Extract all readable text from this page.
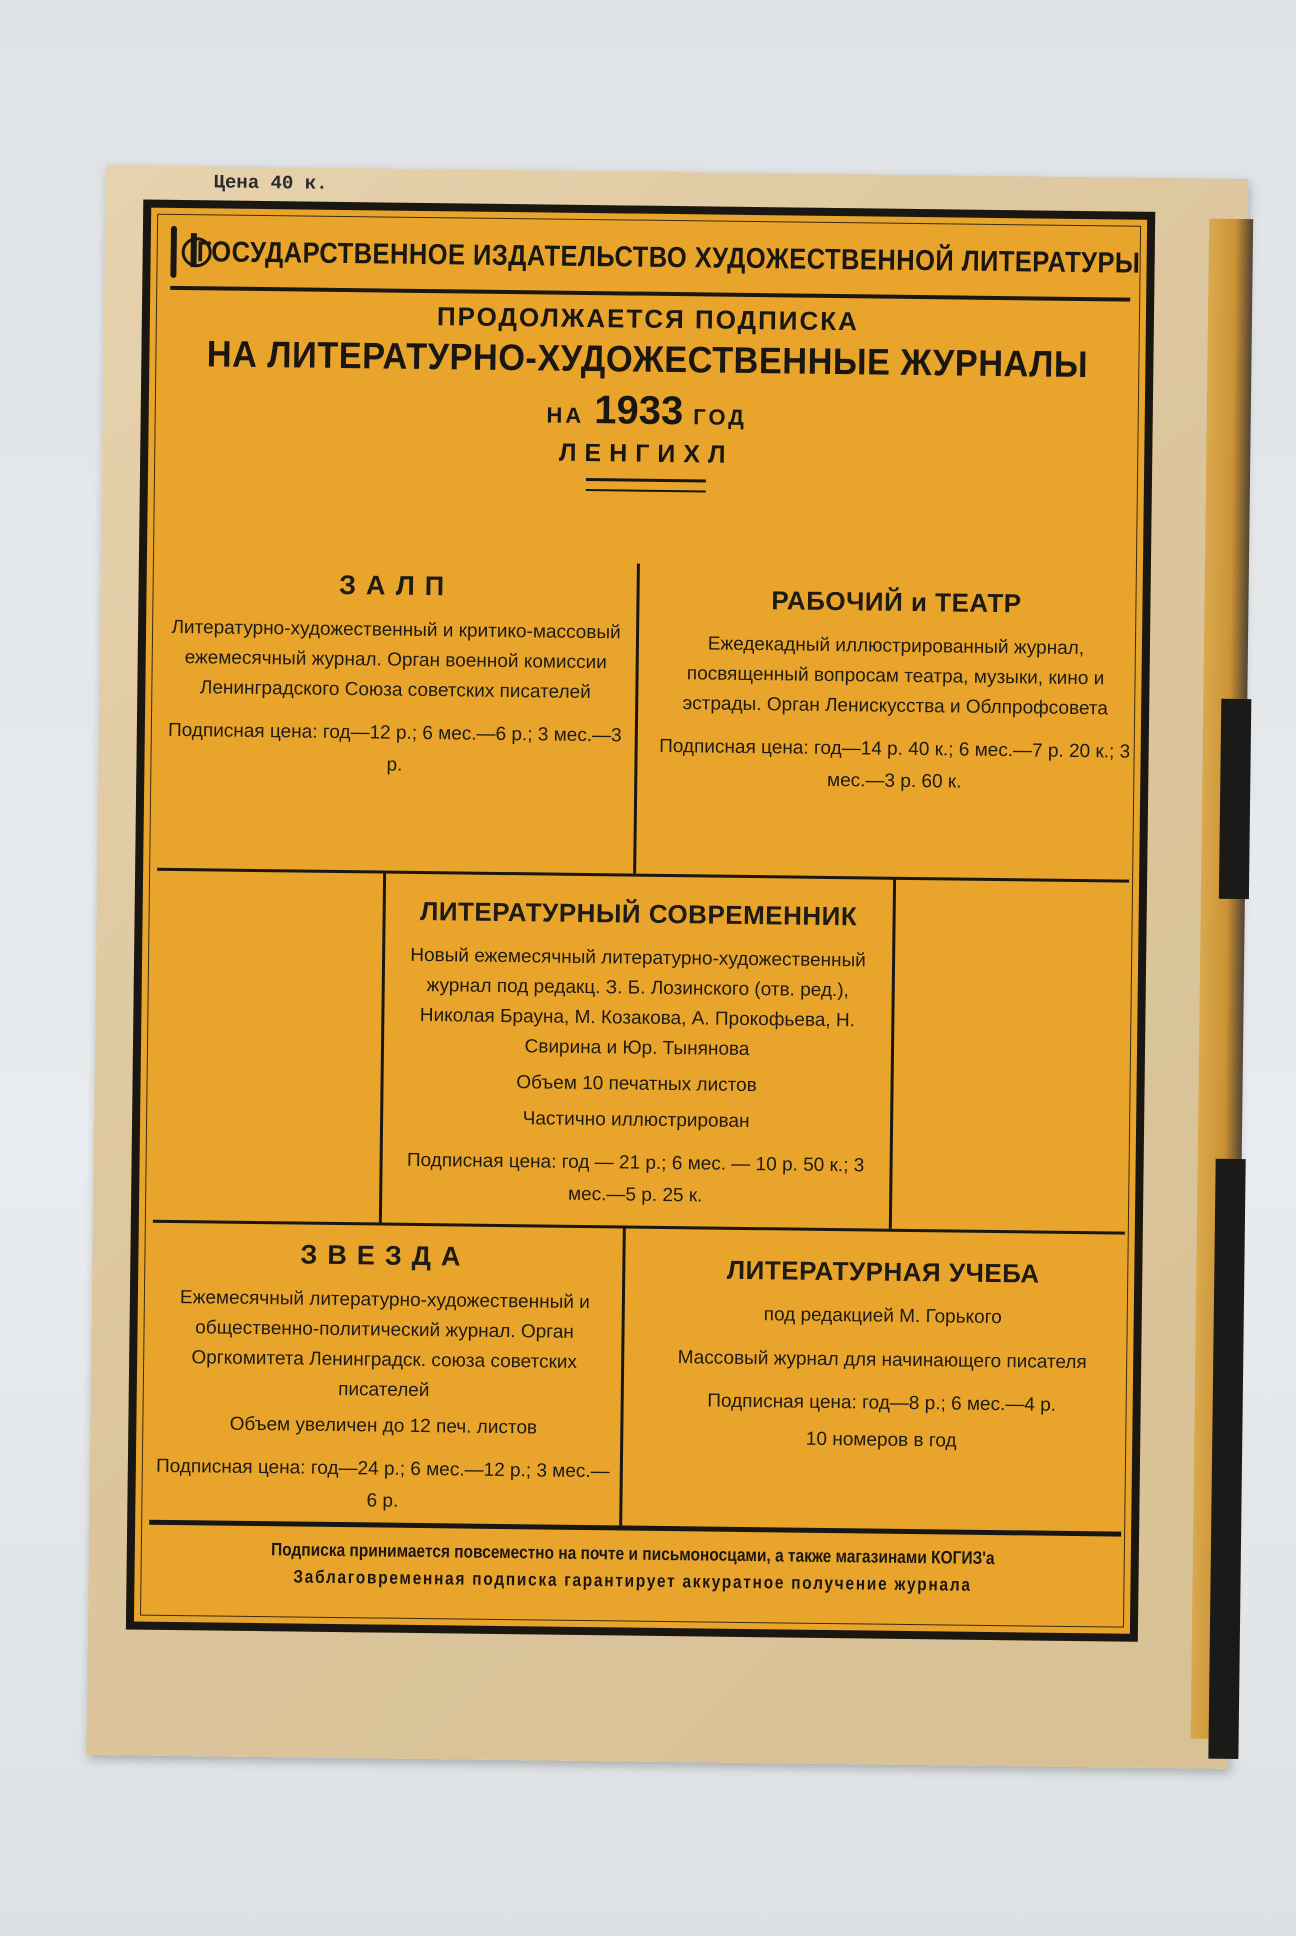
Цена 40 к.
ГОСУДАРСТВЕННОЕ ИЗДАТЕЛЬСТВО ХУДОЖЕСТВЕННОЙ ЛИТЕРАТУРЫ
ПРОДОЛЖАЕТСЯ ПОДПИСКА
НА ЛИТЕРАТУРНО-ХУДОЖЕСТВЕННЫЕ ЖУРНАЛЫ
НА 1933 ГОД
ЛЕНГИХЛ
ЗАЛП
Литературно-художественный и критико-массовый ежемесячный журнал. Орган военной комиссии Ленинградского Союза советских писателей
Подписная цена: год—12 р.; 6 мес.—6 р.; 3 мес.—3 р.
РАБОЧИЙ и ТЕАТР
Ежедекадный иллюстрированный журнал, посвященный вопросам театра, музыки, кино и эстрады. Орган Лениcкусства и Облпрофсовета
Подписная цена: год—14 р. 40 к.; 6 мес.—7 р. 20 к.; 3 мес.—3 р. 60 к.
ЛИТЕРАТУРНЫЙ СОВРЕМЕННИК
Новый ежемесячный литературно-художественный журнал под редакц. З. Б. Лозинского (отв. ред.), Николая Брауна, М. Козакова, А. Прокофьева, Н. Свирина и Юр. Тынянова
Объем 10 печатных листов
Частично иллюстрирован
Подписная цена: год — 21 р.; 6 мес. — 10 р. 50 к.; 3 мес.—5 р. 25 к.
ЗВЕЗДА
Ежемесячный литературно-художественный и общественно-политический журнал. Орган Оргкомитета Ленинградск. союза советских писателей
Объем увеличен до 12 печ. листов
Подписная цена: год—24 р.; 6 мес.—12 р.; 3 мес.—6 р.
ЛИТЕРАТУРНАЯ УЧЕБА
под редакцией М. Горького
Массовый журнал для начинающего писателя
Подписная цена: год—8 р.; 6 мес.—4 р.
10 номеров в год
Подписка принимается повсеместно на почте и письмоносцами, а также магазинами КОГИЗ'а
Заблаговременная подписка гарантирует аккуратное получение журнала
